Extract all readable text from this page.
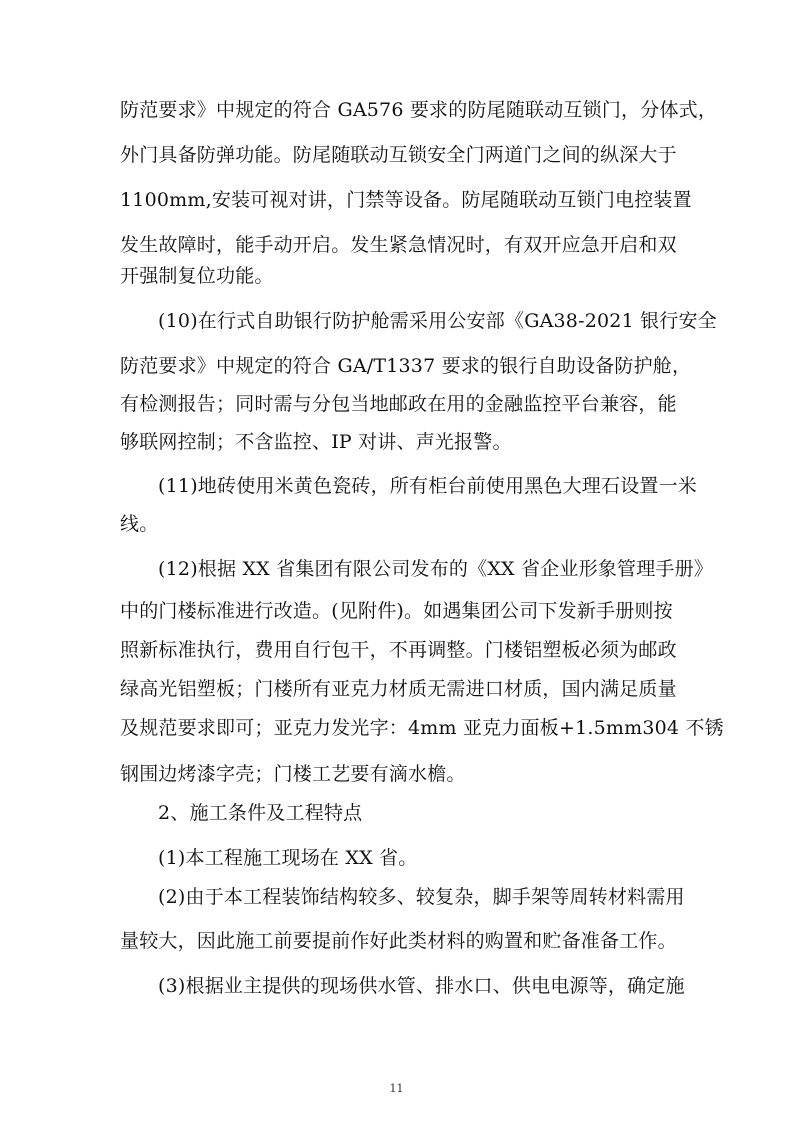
防范要求》中规定的符合 GA576 要求的防尾随联动互锁门，分体式，
外门具备防弹功能。防尾随联动互锁安全门两道门之间的纵深大于
1100mm,安装可视对讲，门禁等设备。防尾随联动互锁门电控装置
发生故障时，能手动开启。发生紧急情况时，有双开应急开启和双
开强制复位功能。
(10)在行式自助银行防护舱需采用公安部《GA38-2021 银行安全
防范要求》中规定的符合 GA/T1337 要求的银行自助设备防护舱，
有检测报告；同时需与分包当地邮政在用的金融监控平台兼容，能
够联网控制；不含监控、IP 对讲、声光报警。
(11)地砖使用米黄色瓷砖，所有柜台前使用黑色大理石设置一米
线。
(12)根据 XX 省集团有限公司发布的《XX 省企业形象管理手册》
中的门楼标准进行改造。(见附件)。如遇集团公司下发新手册则按
照新标准执行，费用自行包干，不再调整。门楼铝塑板必须为邮政
绿高光铝塑板；门楼所有亚克力材质无需进口材质，国内满足质量
及规范要求即可；亚克力发光字：4mm 亚克力面板+1.5mm304 不锈
钢围边烤漆字壳；门楼工艺要有滴水檐。
2、施工条件及工程特点
(1)本工程施工现场在 XX 省。
(2)由于本工程装饰结构较多、较复杂，脚手架等周转材料需用
量较大，因此施工前要提前作好此类材料的购置和贮备准备工作。
(3)根据业主提供的现场供水管、排水口、供电电源等，确定施
11
